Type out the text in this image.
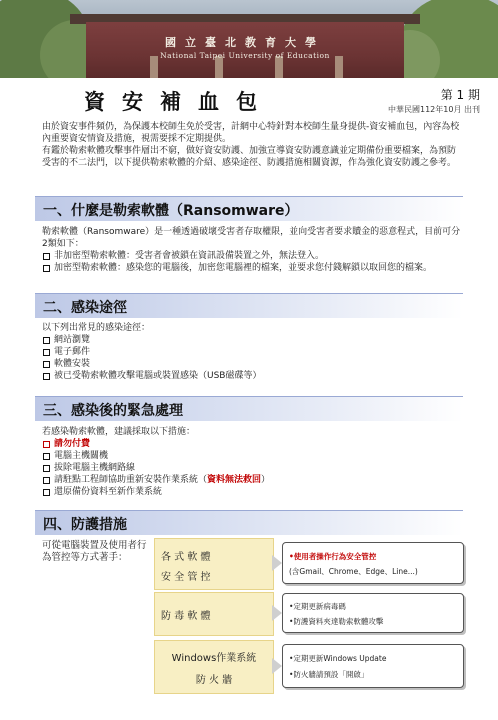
國立臺北教育大學
National Taipei University of Education
資安補血包	第 1 期
中華民國112年10月 出刊

由於資安事件頻仍，為保護本校師生免於受害，計網中心特針對本校師生量身提供-資安補血包，內容為校內重要資安情資及措施，視需要採不定期提供。

有鑑於勒索軟體攻擊事件層出不窮，做好資安防護、加強宣導資安防護意識並定期備份重要檔案，為預防受害的不二法門，以下提供勒索軟體的介紹、感染途徑、防護措施相關資源，作為強化資安防護之參考。

一、什麼是勒索軟體（Ransomware）

勒索軟體（Ransomware）是一種透過破壞受害者存取權限，並向受害者要求贖金的惡意程式，目前可分2類如下：

非加密型勒索軟體：受害者會被鎖在資訊設備裝置之外，無法登入。

加密型勒索軟體：感染您的電腦後，加密您電腦裡的檔案，並要求您付錢解鎖以取回您的檔案。

二、感染途徑

以下列出常見的感染途徑：

網站瀏覽

電子郵件

軟體安裝

被已受勒索軟體攻擊電腦或裝置感染（USB磁碟等）

三、感染後的緊急處理

若感染勒索軟體，建議採取以下措施：

請勿付費

電腦主機關機

拔除電腦主機網路線

請駐點工程師協助重新安裝作業系統（資料無法救回）

還原備份資料至新作業系統

四、防護措施
可從電腦裝置及使用者行為管控等方式著手：	各 式 軟 體
安 全 管 控
•使用者操作行為安全管控
(含Gmail、Chrome、Edge、Line...)
防 毒 軟 體
•定期更新病毒碼
•防護資料夾達勒索軟體攻擊
Windows作業系統
防 火 牆
•定期更新Windows Update
•防火牆請預設「開啟」
